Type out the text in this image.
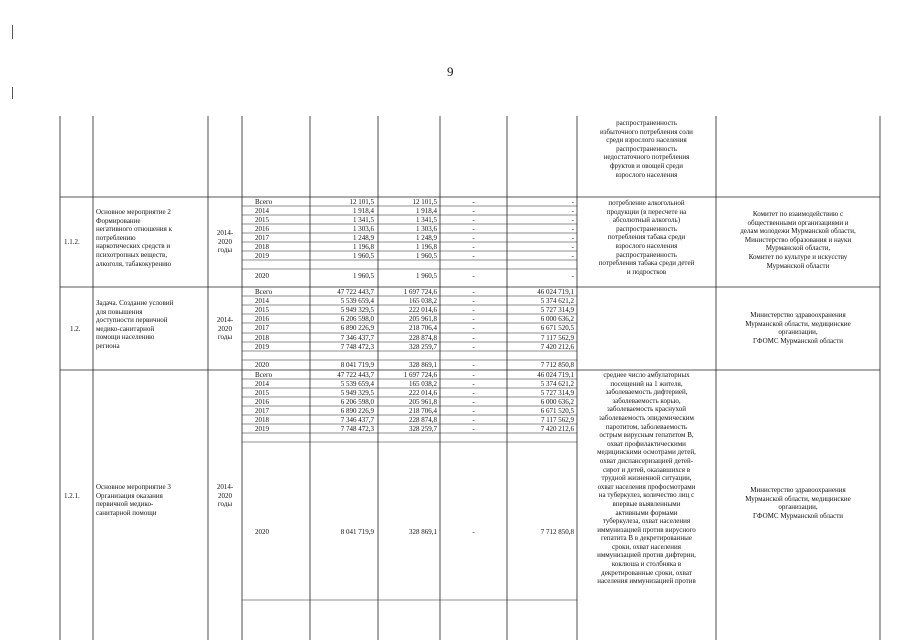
9
распространенность
избыточного потребления соли
среди взрослого населения
распространенность
недостаточного потребления
фруктов и овощей среди
взрослого населения
1.1.2.
Основное мероприятие 2
Формирование
негативного отношения к
потреблению
наркотических средств и
психотропных веществ,
алкоголя, табакокурению
2014-
2020
годы
Всего
2014
2015
2016
2017
2018
2019
2020
12 101,5
1 918,4
1 341,5
1 303,6
1 248,9
1 196,8
1 960,5
1 960,5
12 101,5
1 918,4
1 341,5
1 303,6
1 248,9
1 196,8
1 960,5
1 960,5
-
-
-
-
-
-
-
-
-
-
-
-
-
-
-
-
потребление алкогольной
продукции (в пересчете на
абсолютный алкоголь)
распространенность
потребления табака среди
взрослого населения
распространенность
потребления табака среди детей
и подростков
Комитет по взаимодействию с
общественными организациями и
делам молодежи Мурманской области,
Министерство образования и науки
Мурманской области,
Комитет по культуре и искусству
Мурманской области
1.2.
Задача. Создание условий
для повышения
доступности первичной
медико-санитарной
помощи населению
региона
2014-
2020
годы
Всего
2014
2015
2016
2017
2018
2019
2020
47 722 443,7
5 539 659,4
5 949 329,5
6 206 598,0
6 890 226,9
7 346 437,7
7 748 472,3
8 041 719,9
1 697 724,6
165 038,2
222 014,6
205 961,8
218 706,4
228 874,8
328 259,7
328 869,1
-
-
-
-
-
-
-
-
46 024 719,1
5 374 621,2
5 727 314,9
6 000 636,2
6 671 520,5
7 117 562,9
7 420 212,6
7 712 850,8
Министерство здравоохранения
Мурманской области, медицинские
организации,
ГФОМС Мурманской области
1.2.1.
Основное мероприятие 3
Организация оказания
первичной медико-
санитарной помощи
2014-
2020
годы
Всего
2014
2015
2016
2017
2018
2019
2020
47 722 443,7
5 539 659,4
5 949 329,5
6 206 598,0
6 890 226,9
7 346 437,7
7 748 472,3
8 041 719,9
1 697 724,6
165 038,2
222 014,6
205 961,8
218 706,4
228 874,8
328 259,7
328 869,1
-
-
-
-
-
-
-
-
46 024 719,1
5 374 621,2
5 727 314,9
6 000 636,2
6 671 520,5
7 117 562,9
7 420 212,6
7 712 850,8
среднее число амбулаторных
посещений на 1 жителя,
заболеваемость дифтерией,
заболеваемость корью,
заболеваемость краснухой
заболеваемость эпидемическим
паротитом, заболеваемость
острым вирусным гепатитом В,
охват профилактическими
медицинскими осмотрами детей,
охват диспансеризацией детей-
сирот и детей, оказавшихся в
трудной жизненной ситуации,
охват населения профосмотрами
на туберкулез, количество лиц с
впервые выявленными
активными формами
туберкулеза, охват населения
иммунизацией против вирусного
гепатита В в декретированные
сроки, охват населения
иммунизацией против дифтерии,
коклюша и столбняка в
декретированные сроки, охват
населения иммунизацией против
Министерство здравоохранения
Мурманской области, медицинские
организации,
ГФОМС Мурманской области
